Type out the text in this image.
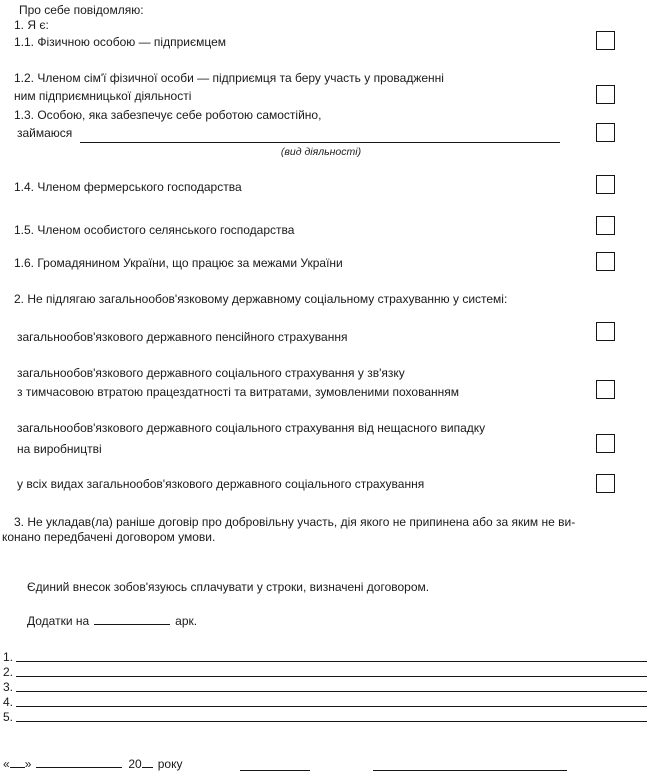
Про себе повідомляю:
1. Я є:
1.1. Фізичною особою — підприємцем
1.2. Членом сім'ї фізичної особи — підприємця та беру участь у провадженні
ним підприємницької діяльності
1.3. Особою, яка забезпечує себе роботою самостійно,
займаюся
(вид діяльності)
1.4. Членом фермерського господарства
1.5. Членом особистого селянського господарства
1.6. Громадянином України, що працює за межами України
2. Не підлягаю загальнообов'язковому державному соціальному страхуванню у системі:
загальнообов'язкового державного пенсійного страхування
загальнообов'язкового державного соціального страхування у зв'язку
з тимчасовою втратою працездатності та витратами, зумовленими похованням
загальнообов'язкового державного соціального страхування від нещасного випадку
на виробництві
у всіх видах загальнообов'язкового державного соціального страхування
3. Не укладав(ла) раніше договір про добровільну участь, дія якого не припинена або за яким не ви-
конано передбачені договором умови.
Єдиний внесок зобов'язуюсь сплачувати у строки, визначені договором.
Додатки на	арк.
1.
2.
3.
4.
5.
« »	20 року
